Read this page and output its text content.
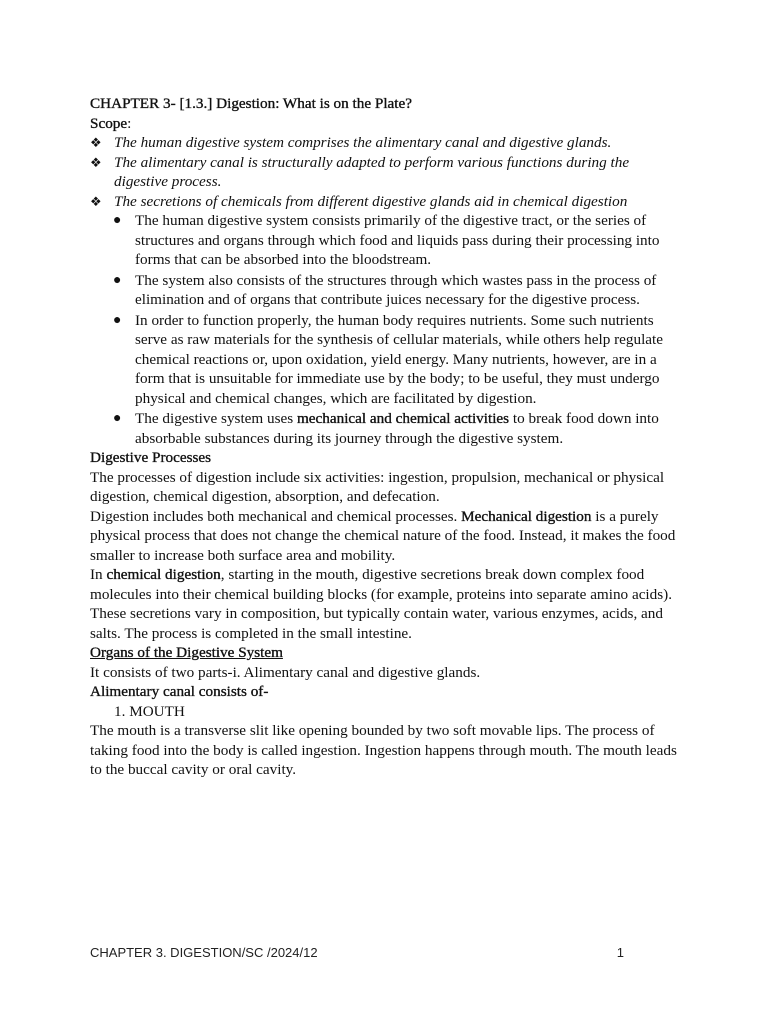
CHAPTER 3- [1.3.] Digestion: What is on the Plate?

Scope:

❖ The human digestive system comprises the alimentary canal and digestive glands.
❖ The alimentary canal is structurally adapted to perform various functions during the digestive process.
❖ The secretions of chemicals from different digestive glands aid in chemical digestion
● The human digestive system consists primarily of the digestive tract, or the series of structures and organs through which food and liquids pass during their processing into forms that can be absorbed into the bloodstream.
● The system also consists of the structures through which wastes pass in the process of elimination and of organs that contribute juices necessary for the digestive process.
● In order to function properly, the human body requires nutrients. Some such nutrients serve as raw materials for the synthesis of cellular materials, while others help regulate chemical reactions or, upon oxidation, yield energy. Many nutrients, however, are in a form that is unsuitable for immediate use by the body; to be useful, they must undergo physical and chemical changes, which are facilitated by digestion.
● The digestive system uses mechanical and chemical activities to break food down into absorbable substances during its journey through the digestive system.

Digestive Processes

The processes of digestion include six activities: ingestion, propulsion, mechanical or physical digestion, chemical digestion, absorption, and defecation.

Digestion includes both mechanical and chemical processes. Mechanical digestion is a purely physical process that does not change the chemical nature of the food. Instead, it makes the food smaller to increase both surface area and mobility.

In chemical digestion, starting in the mouth, digestive secretions break down complex food molecules into their chemical building blocks (for example, proteins into separate amino acids). These secretions vary in composition, but typically contain water, various enzymes, acids, and salts. The process is completed in the small intestine.

Organs of the Digestive System

It consists of two parts-i. Alimentary canal and digestive glands.

Alimentary canal consists of-

1. MOUTH

The mouth is a transverse slit like opening bounded by two soft movable lips. The process of taking food into the body is called ingestion. Ingestion happens through mouth. The mouth leads to the buccal cavity or oral cavity.

CHAPTER 3. DIGESTION/SC /2024/12	1
